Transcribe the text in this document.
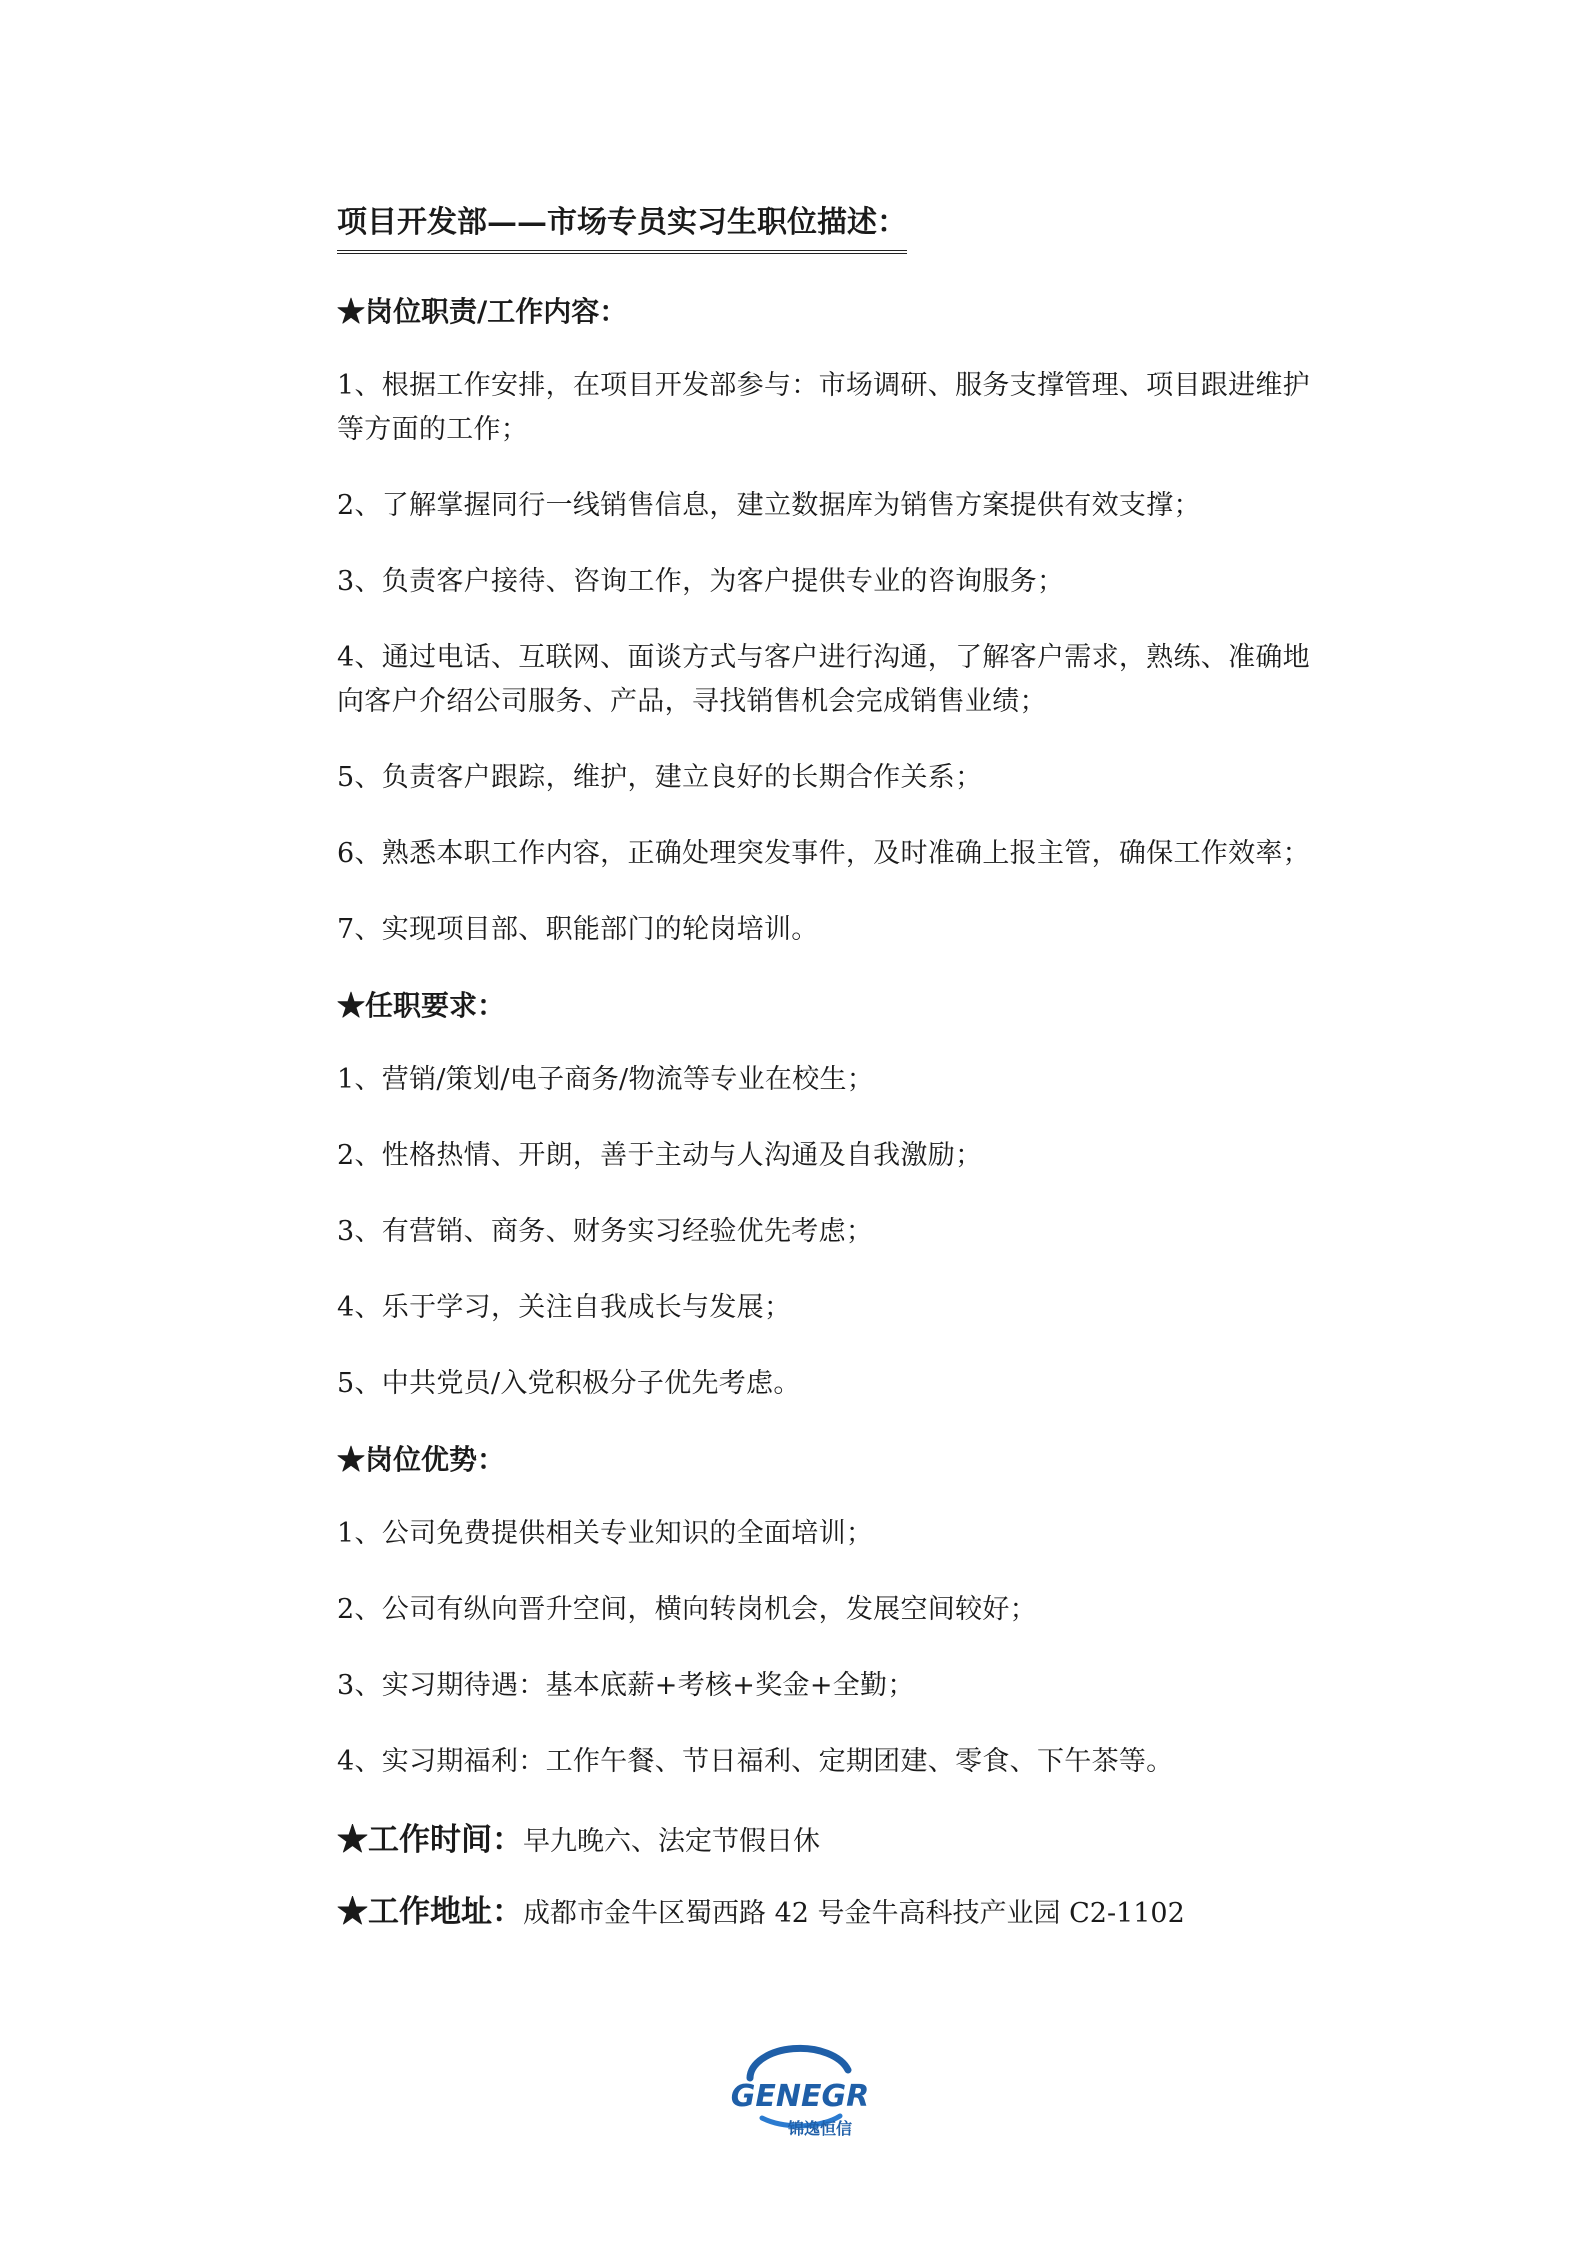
项目开发部——市场专员实习生职位描述：
★岗位职责/工作内容：
1、根据工作安排，在项目开发部参与：市场调研、服务支撑管理、项目跟进维护等方面的工作；
2、了解掌握同行一线销售信息，建立数据库为销售方案提供有效支撑；
3、负责客户接待、咨询工作，为客户提供专业的咨询服务；
4、通过电话、互联网、面谈方式与客户进行沟通，了解客户需求，熟练、准确地向客户介绍公司服务、产品，寻找销售机会完成销售业绩；
5、负责客户跟踪，维护，建立良好的长期合作关系；
6、熟悉本职工作内容，正确处理突发事件，及时准确上报主管，确保工作效率；
7、实现项目部、职能部门的轮岗培训。
★任职要求：
1、营销/策划/电子商务/物流等专业在校生；
2、性格热情、开朗，善于主动与人沟通及自我激励；
3、有营销、商务、财务实习经验优先考虑；
4、乐于学习，关注自我成长与发展；
5、中共党员/入党积极分子优先考虑。
★岗位优势：
1、公司免费提供相关专业知识的全面培训；
2、公司有纵向晋升空间，横向转岗机会，发展空间较好；
3、实习期待遇：基本底薪+考核+奖金+全勤；
4、实习期福利：工作午餐、节日福利、定期团建、零食、下午茶等。
★工作时间：早九晚六、法定节假日休
★工作地址：成都市金牛区蜀西路 42 号金牛高科技产业园 C2-1102
GENEGR
锦逸恒信
